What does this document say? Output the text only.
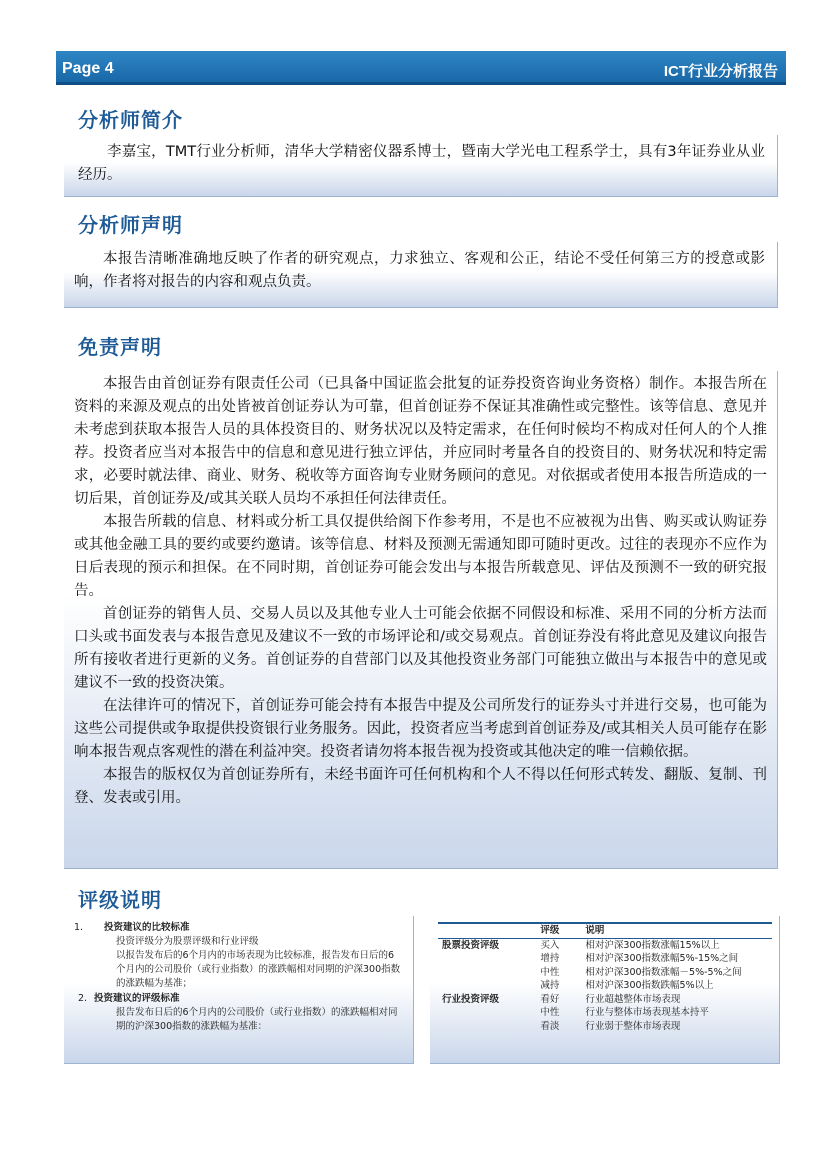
Page 4	ICT行业分析报告
分析师简介

李嘉宝，TMT行业分析师，清华大学精密仪器系博士，暨南大学光电工程系学士，具有3年证券业从业经历。

分析师声明

本报告清晰准确地反映了作者的研究观点，力求独立、客观和公正，结论不受任何第三方的授意或影响，作者将对报告的内容和观点负责。

免责声明

本报告由首创证券有限责任公司（已具备中国证监会批复的证券投资咨询业务资格）制作。本报告所在资料的来源及观点的出处皆被首创证券认为可靠，但首创证券不保证其准确性或完整性。该等信息、意见并未考虑到获取本报告人员的具体投资目的、财务状况以及特定需求，在任何时候均不构成对任何人的个人推荐。投资者应当对本报告中的信息和意见进行独立评估，并应同时考量各自的投资目的、财务状况和特定需求，必要时就法律、商业、财务、税收等方面咨询专业财务顾问的意见。对依据或者使用本报告所造成的一切后果，首创证券及/或其关联人员均不承担任何法律责任。

本报告所载的信息、材料或分析工具仅提供给阁下作参考用，不是也不应被视为出售、购买或认购证券或其他金融工具的要约或要约邀请。该等信息、材料及预测无需通知即可随时更改。过往的表现亦不应作为日后表现的预示和担保。在不同时期，首创证券可能会发出与本报告所载意见、评估及预测不一致的研究报告。

首创证券的销售人员、交易人员以及其他专业人士可能会依据不同假设和标准、采用不同的分析方法而口头或书面发表与本报告意见及建议不一致的市场评论和/或交易观点。首创证券没有将此意见及建议向报告所有接收者进行更新的义务。首创证券的自营部门以及其他投资业务部门可能独立做出与本报告中的意见或建议不一致的投资决策。

在法律许可的情况下，首创证券可能会持有本报告中提及公司所发行的证券头寸并进行交易，也可能为这些公司提供或争取提供投资银行业务服务。因此，投资者应当考虑到首创证券及/或其相关人员可能存在影响本报告观点客观性的潜在利益冲突。投资者请勿将本报告视为投资或其他决定的唯一信赖依据。

本报告的版权仅为首创证券所有，未经书面许可任何机构和个人不得以任何形式转发、翻版、复制、刊登、发表或引用。

评级说明
1.	投资建议的比较标准
投资评级分为股票评级和行业评级
以报告发布后的6个月内的市场表现为比较标准，报告发布日后的6个月内的公司股价（或行业指数）的涨跌幅相对同期的沪深300指数的涨跌幅为基准；
2. 投资建议的评级标准
报告发布日后的6个月内的公司股价（或行业指数）的涨跌幅相对同期的沪深300指数的涨跌幅为基准：
	评级	说明

股票投资评级	买入	相对沪深300指数涨幅15%以上
	增持	相对沪深300指数涨幅5%-15%之间
	中性	相对沪深300指数涨幅－5%-5%之间
	减持	相对沪深300指数跌幅5%以上
行业投资评级	看好	行业超越整体市场表现
	中性	行业与整体市场表现基本持平
	看淡	行业弱于整体市场表现
